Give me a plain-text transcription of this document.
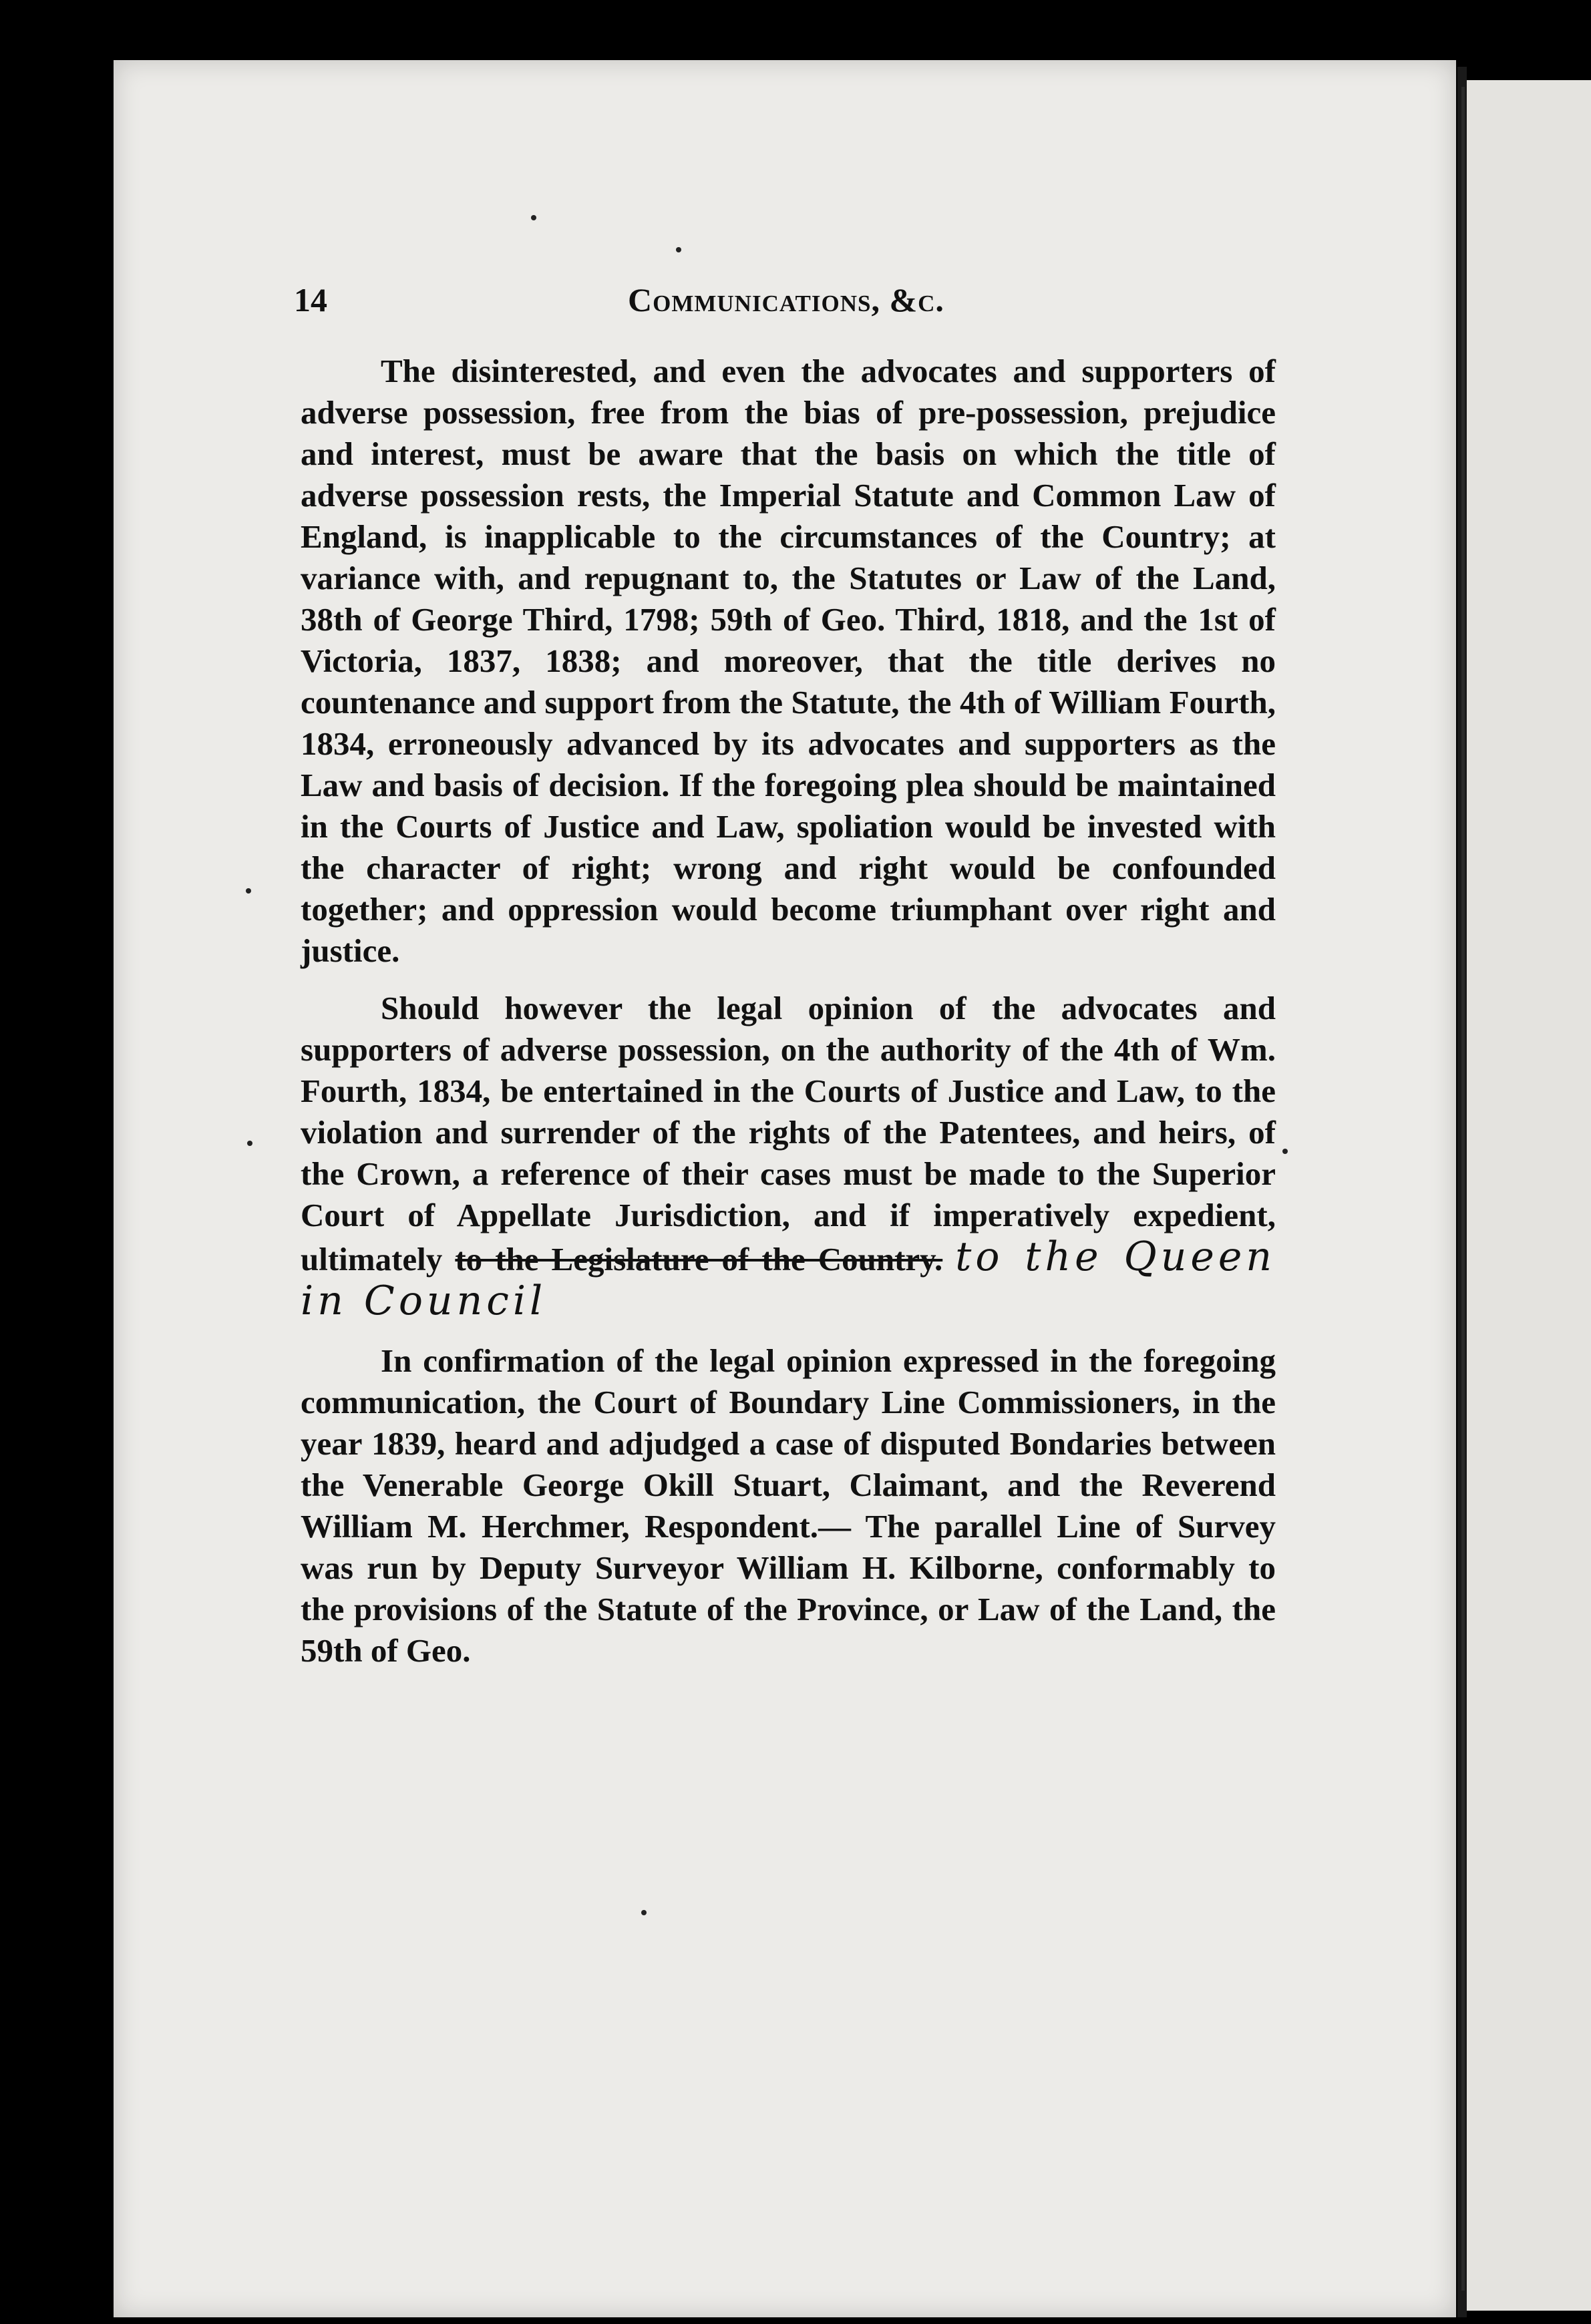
14	Communications, &c.

The disinterested, and even the advocates and supporters of adverse possession, free from the bias of pre-possession, prejudice and interest, must be aware that the basis on which the title of adverse possession rests, the Imperial Statute and Common Law of England, is inapplicable to the circumstances of the Country; at variance with, and repugnant to, the Statutes or Law of the Land, 38th of George Third, 1798; 59th of Geo. Third, 1818, and the 1st of Victoria, 1837, 1838; and moreover, that the title derives no countenance and support from the Statute, the 4th of William Fourth, 1834, erroneously advanced by its advocates and supporters as the Law and basis of decision. If the foregoing plea should be maintained in the Courts of Justice and Law, spoliation would be invested with the character of right; wrong and right would be confounded together; and oppression would become triumphant over right and justice.

Should however the legal opinion of the advocates and supporters of adverse possession, on the authority of the 4th of Wm. Fourth, 1834, be entertained in the Courts of Justice and Law, to the violation and surrender of the rights of the Patentees, and heirs, of the Crown, a reference of their cases must be made to the Superior Court of Appellate Jurisdiction, and if imperatively expedient, ultimately to the Legislature of the Country. to the Queen in Council

In confirmation of the legal opinion expressed in the foregoing communication, the Court of Boundary Line Commissioners, in the year 1839, heard and adjudged a case of disputed Bondaries between the Venerable George Okill Stuart, Claimant, and the Reverend William M. Herchmer, Respondent.— The parallel Line of Survey was run by Deputy Surveyor William H. Kilborne, conformably to the provisions of the Statute of the Province, or Law of the Land, the 59th of Geo.
